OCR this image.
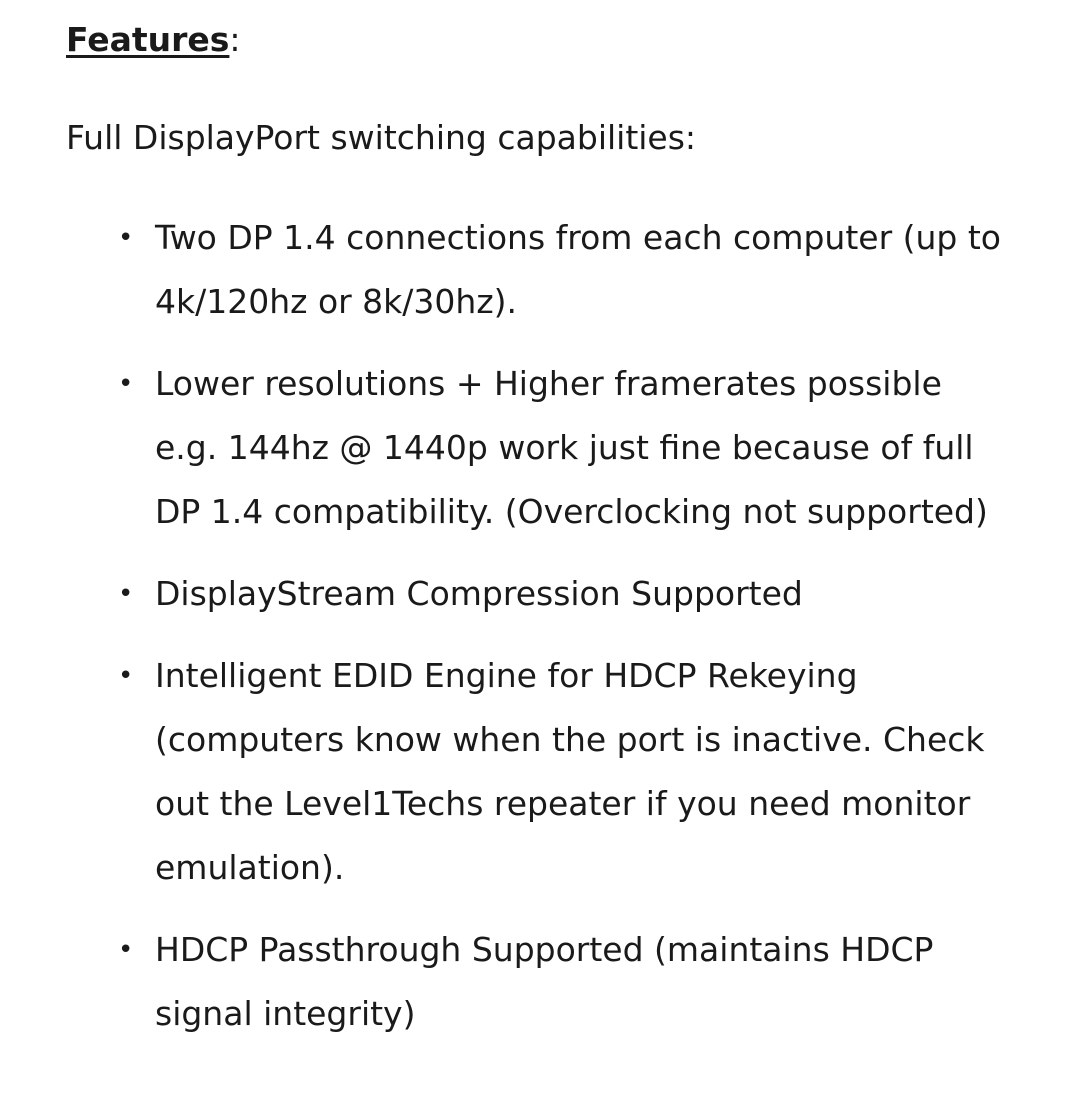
Features:

Full DisplayPort switching capabilities:

• Two DP 1.4 connections from each computer (up to 4k/120hz or 8k/30hz).
• Lower resolutions + Higher framerates possible e.g. 144hz @ 1440p work just fine because of full DP 1.4 compatibility. (Overclocking not supported)
• DisplayStream Compression Supported
• Intelligent EDID Engine for HDCP Rekeying (computers know when the port is inactive. Check out the Level1Techs repeater if you need monitor emulation).
• HDCP Passthrough Supported (maintains HDCP signal integrity)
